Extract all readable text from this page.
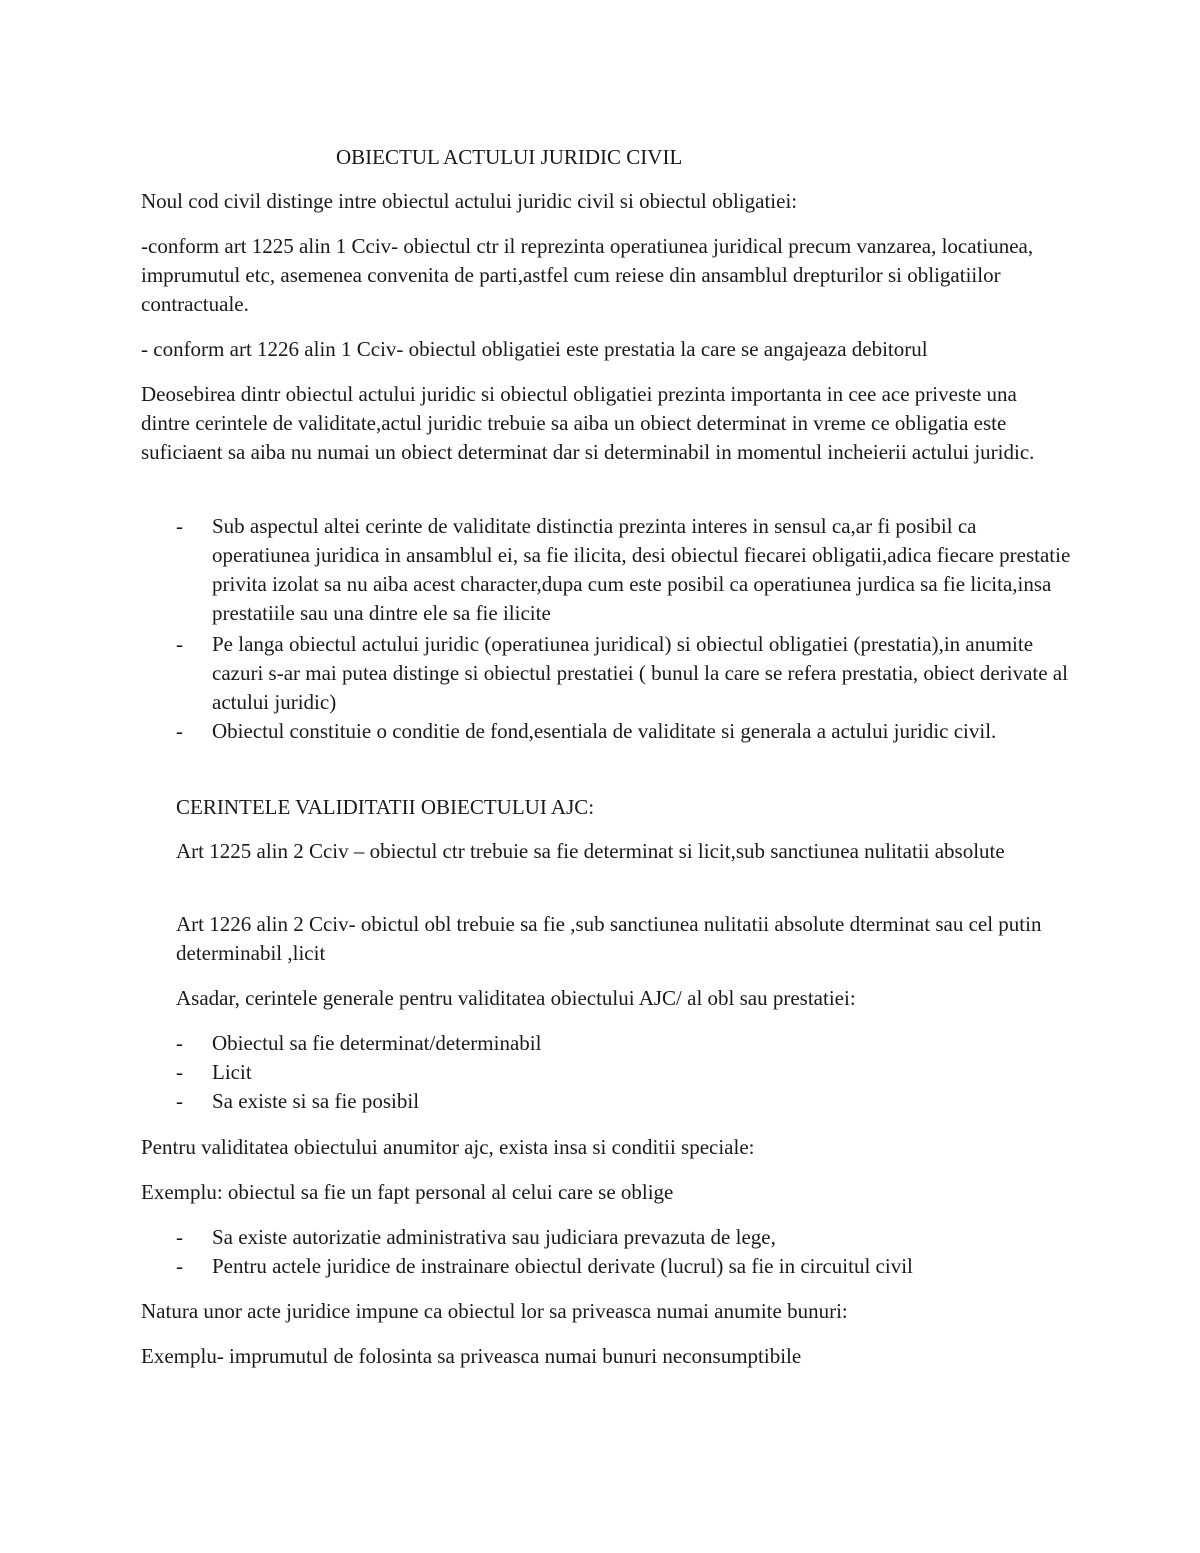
OBIECTUL ACTULUI JURIDIC CIVIL

Noul cod civil distinge intre obiectul actului juridic civil si obiectul obligatiei:

-conform art 1225 alin 1 Cciv- obiectul ctr il reprezinta operatiunea juridical precum vanzarea, locatiunea, imprumutul etc, asemenea convenita de parti,astfel cum reiese din ansamblul drepturilor si obligatiilor contractuale.

- conform art 1226 alin 1 Cciv- obiectul obligatiei este prestatia la care se angajeaza debitorul

Deosebirea dintr obiectul actului juridic si obiectul obligatiei prezinta importanta in cee ace priveste una dintre cerintele de validitate,actul juridic trebuie sa aiba un obiect determinat in vreme ce obligatia este suficiaent sa aiba nu numai un obiect determinat dar si determinabil in momentul incheierii actului juridic.

- Sub aspectul altei cerinte de validitate distinctia prezinta interes in sensul ca,ar fi posibil ca operatiunea juridica in ansamblul ei, sa fie ilicita, desi obiectul fiecarei obligatii,adica fiecare prestatie privita izolat sa nu aiba acest character,dupa cum este posibil ca operatiunea jurdica sa fie licita,insa prestatiile sau una dintre ele sa fie ilicite
- Pe langa obiectul actului juridic (operatiunea juridical) si obiectul obligatiei (prestatia),in anumite cazuri s-ar mai putea distinge si obiectul prestatiei ( bunul la care se refera prestatia, obiect derivate al actului juridic)
- Obiectul constituie o conditie de fond,esentiala de validitate si generala a actului juridic civil.

CERINTELE VALIDITATII OBIECTULUI AJC:

Art 1225 alin 2 Cciv – obiectul ctr trebuie sa fie determinat si licit,sub sanctiunea nulitatii absolute

Art 1226 alin 2 Cciv- obictul obl trebuie sa fie ,sub sanctiunea nulitatii absolute dterminat sau cel putin determinabil ,licit

Asadar, cerintele generale pentru validitatea obiectului AJC/ al obl sau prestatiei:

- Obiectul sa fie determinat/determinabil
- Licit
- Sa existe si sa fie posibil

Pentru validitatea obiectului anumitor ajc, exista insa si conditii speciale:

Exemplu: obiectul sa fie un fapt personal al celui care se oblige

- Sa existe autorizatie administrativa sau judiciara prevazuta de lege,
- Pentru actele juridice de instrainare obiectul derivate (lucrul) sa fie in circuitul civil

Natura unor acte juridice impune ca obiectul lor sa priveasca numai anumite bunuri:

Exemplu- imprumutul de folosinta sa priveasca numai bunuri neconsumptibile
